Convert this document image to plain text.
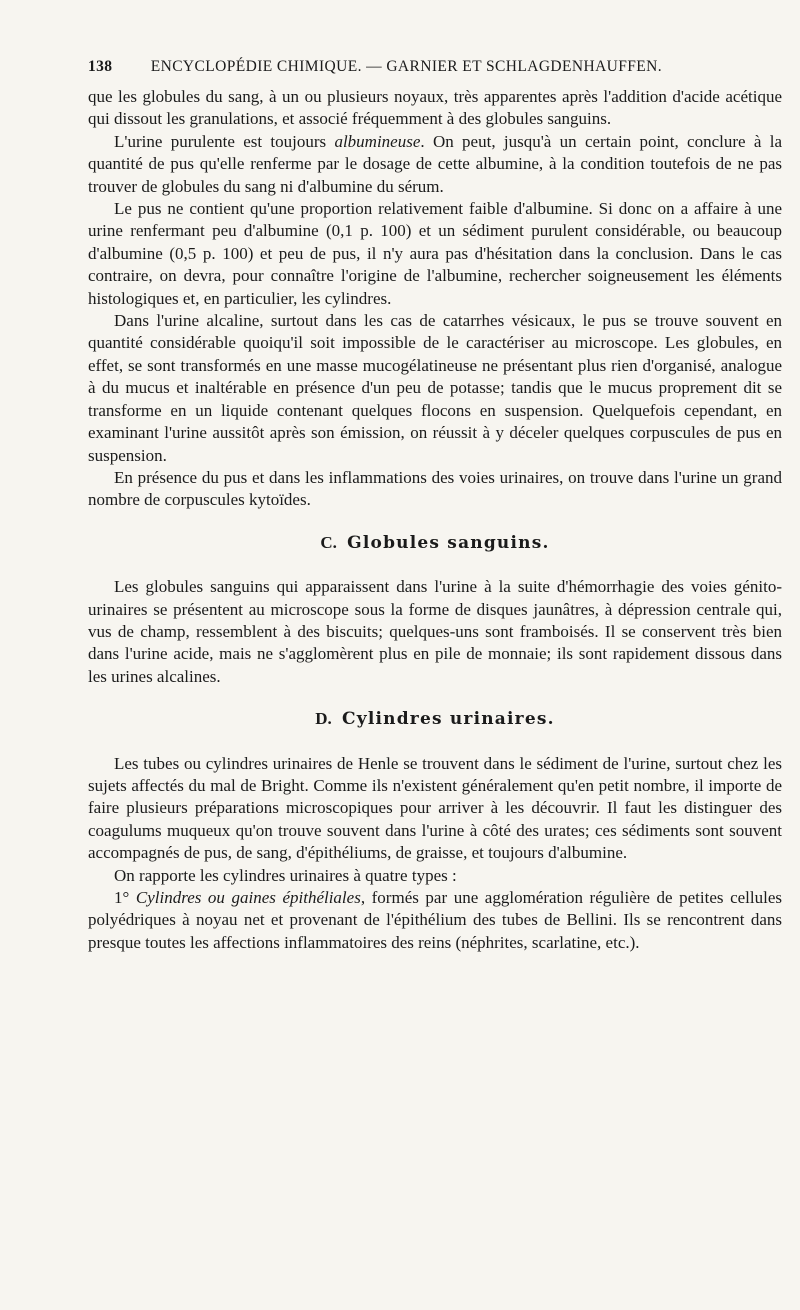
138 ENCYCLOPÉDIE CHIMIQUE. — GARNIER ET SCHLAGDENHAUFFEN.

que les globules du sang, à un ou plusieurs noyaux, très apparentes après l'addition d'acide acétique qui dissout les granulations, et associé fréquemment à des globules sanguins.

L'urine purulente est toujours albumineuse. On peut, jusqu'à un certain point, conclure à la quantité de pus qu'elle renferme par le dosage de cette albumine, à la condition toutefois de ne pas trouver de globules du sang ni d'albumine du sérum.

Le pus ne contient qu'une proportion relativement faible d'albumine. Si donc on a affaire à une urine renfermant peu d'albumine (0,1 p. 100) et un sédiment purulent considérable, ou beaucoup d'albumine (0,5 p. 100) et peu de pus, il n'y aura pas d'hésitation dans la conclusion. Dans le cas contraire, on devra, pour connaître l'origine de l'albumine, rechercher soigneusement les éléments histologiques et, en particulier, les cylindres.

Dans l'urine alcaline, surtout dans les cas de catarrhes vésicaux, le pus se trouve souvent en quantité considérable quoiqu'il soit impossible de le caractériser au microscope. Les globules, en effet, se sont transformés en une masse mucogélatineuse ne présentant plus rien d'organisé, analogue à du mucus et inaltérable en présence d'un peu de potasse; tandis que le mucus proprement dit se transforme en un liquide contenant quelques flocons en suspension. Quelquefois cependant, en examinant l'urine aussitôt après son émission, on réussit à y déceler quelques corpuscules de pus en suspension.

En présence du pus et dans les inflammations des voies urinaires, on trouve dans l'urine un grand nombre de corpuscules kytoïdes.

C. Globules sanguins.

Les globules sanguins qui apparaissent dans l'urine à la suite d'hémorrhagie des voies génito-urinaires se présentent au microscope sous la forme de disques jaunâtres, à dépression centrale qui, vus de champ, ressemblent à des biscuits; quelques-uns sont framboisés. Il se conservent très bien dans l'urine acide, mais ne s'agglomèrent plus en pile de monnaie; ils sont rapidement dissous dans les urines alcalines.

D. Cylindres urinaires.

Les tubes ou cylindres urinaires de Henle se trouvent dans le sédiment de l'urine, surtout chez les sujets affectés du mal de Bright. Comme ils n'existent généralement qu'en petit nombre, il importe de faire plusieurs préparations microscopiques pour arriver à les découvrir. Il faut les distinguer des coagulums muqueux qu'on trouve souvent dans l'urine à côté des urates; ces sédiments sont souvent accompagnés de pus, de sang, d'épithéliums, de graisse, et toujours d'albumine.

On rapporte les cylindres urinaires à quatre types :

1° Cylindres ou gaines épithéliales, formés par une agglomération régulière de petites cellules polyédriques à noyau net et provenant de l'épithélium des tubes de Bellini. Ils se rencontrent dans presque toutes les affections inflammatoires des reins (néphrites, scarlatine, etc.).
